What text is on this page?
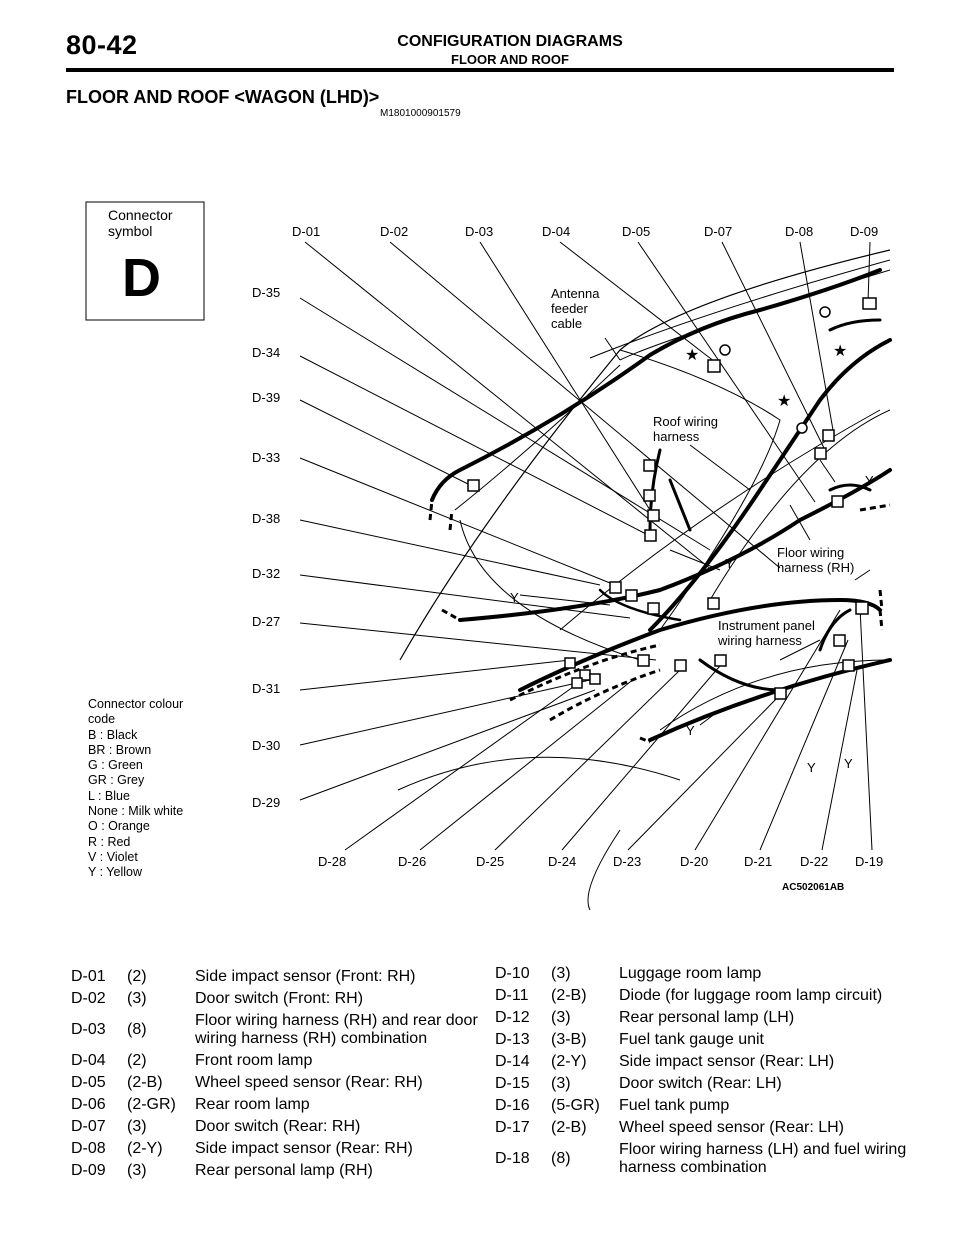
80-42	CONFIGURATION DIAGRAMS
FLOOR AND ROOF
FLOOR AND ROOF <WAGON (LHD)>
M1801000901579
Connector
symbol
D
★
★
★
D-01	D-02	D-03	D-04	D-05	D-07	D-08	D-09
D-35
D-34
D-39
D-33
D-38
D-32
D-27
D-31
D-30
D-29
D-28	D-26	D-25	D-24	D-23	D-20	D-21 D-22 D-19
Antenna
feeder
cable
Roof wiring
harness
Floor wiring
harness (RH)
Instrument panel
wiring harness
Y
Y
Y
Y
Y Y
AC502061AB
Connector colour
code
B : Black
BR : Brown
G : Green
GR : Grey
L : Blue
None : Milk white
O : Orange
R : Red
V : Violet
Y : Yellow
D-01	(2)	Side impact sensor (Front: RH)
D-02	(3)	Door switch (Front: RH)
D-03	(8)	Floor wiring harness (RH) and rear door wiring harness (RH) combination
D-04	(2)	Front room lamp
D-05	(2-B)	Wheel speed sensor (Rear: RH)
D-06	(2-GR)	Rear room lamp
D-07	(3)	Door switch (Rear: RH)
D-08	(2-Y)	Side impact sensor (Rear: RH)
D-09	(3)	Rear personal lamp (RH)
D-10	(3)	Luggage room lamp
D-11	(2-B)	Diode (for luggage room lamp circuit)
D-12	(3)	Rear personal lamp (LH)
D-13	(3-B)	Fuel tank gauge unit
D-14	(2-Y)	Side impact sensor (Rear: LH)
D-15	(3)	Door switch (Rear: LH)
D-16	(5-GR)	Fuel tank pump
D-17	(2-B)	Wheel speed sensor (Rear: LH)
D-18	(8)	Floor wiring harness (LH) and fuel wiring harness combination
